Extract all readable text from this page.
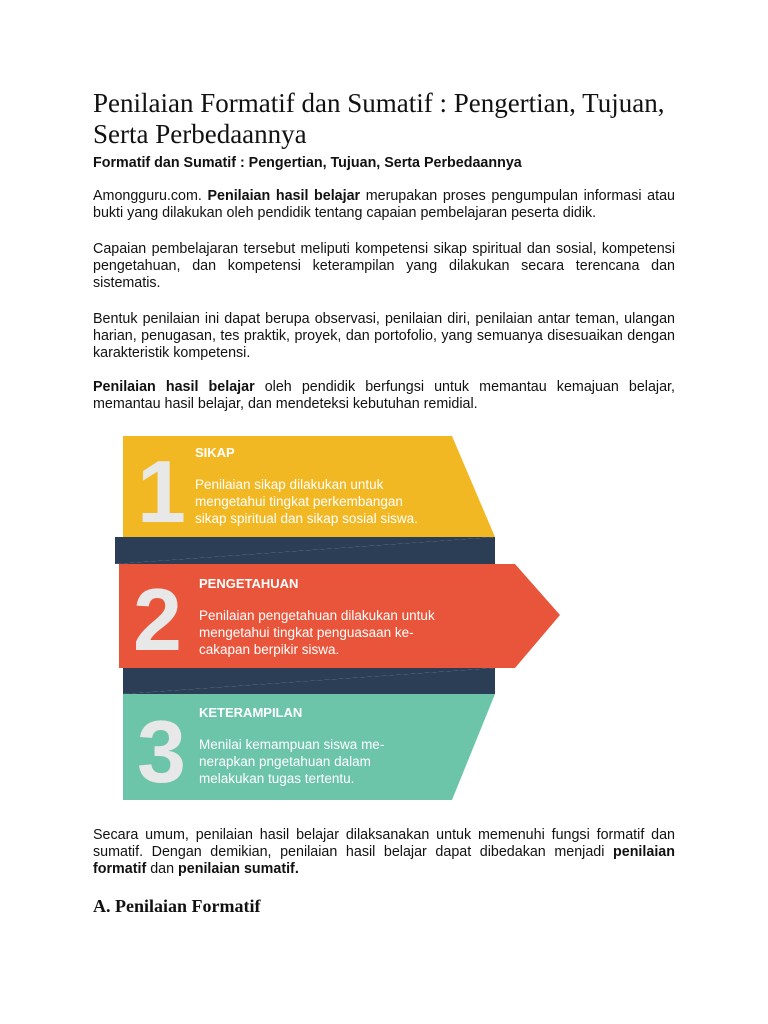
Penilaian Formatif dan Sumatif : Pengertian, Tujuan, Serta Perbedaannya

Formatif dan Sumatif : Pengertian, Tujuan, Serta Perbedaannya

Amongguru.com. Penilaian hasil belajar merupakan proses pengumpulan informasi atau bukti yang dilakukan oleh pendidik tentang capaian pembelajaran peserta didik.

Capaian pembelajaran tersebut meliputi kompetensi sikap spiritual dan sosial, kompetensi pengetahuan, dan kompetensi keterampilan yang dilakukan secara terencana dan sistematis.

Bentuk penilaian ini dapat berupa observasi, penilaian diri, penilaian antar teman, ulangan harian, penugasan, tes praktik, proyek, dan portofolio, yang semuanya disesuaikan dengan karakteristik kompetensi.

Penilaian hasil belajar oleh pendidik berfungsi untuk memantau kemajuan belajar, memantau hasil belajar, dan mendeteksi kebutuhan remidial.

1 SIKAP
Penilaian sikap dilakukan untuk
mengetahui tingkat perkembangan
sikap spiritual dan sikap sosial siswa.
2 PENGETAHUAN
Penilaian pengetahuan dilakukan untuk
mengetahui tingkat penguasaan ke-
cakapan berpikir siswa.
3 KETERAMPILAN
Menilai kemampuan siswa me-
nerapkan pngetahuan dalam
melakukan tugas tertentu.

Secara umum, penilaian hasil belajar dilaksanakan untuk memenuhi fungsi formatif dan sumatif. Dengan demikian, penilaian hasil belajar dapat dibedakan menjadi penilaian formatif dan penilaian sumatif.

A. Penilaian Formatif
